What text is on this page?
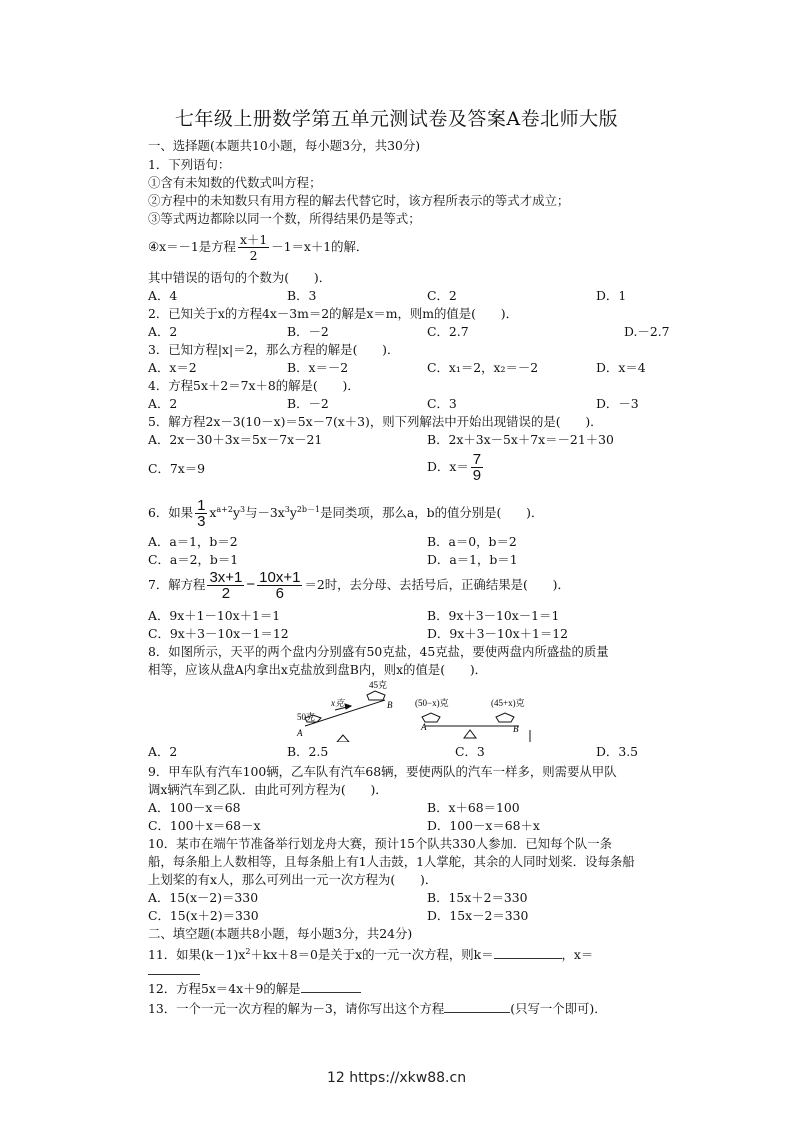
七年级上册数学第五单元测试卷及答案A卷北师大版
一、选择题(本题共10小题，每小题3分，共30分)
1．下列语句：
①含有未知数的代数式叫方程；
②方程中的未知数只有用方程的解去代替它时，该方程所表示的等式才成立；
③等式两边都除以同一个数，所得结果仍是等式；
④x＝－1是方程 $\frac{x+1}{2} -1=x+1$的解．
其中错误的语句的个数为(　　)．
A．4	B．3	C．2	D．1
2．已知关于x的方程4x－3m＝2的解是x＝m，则m的值是(　　)．
A．2	B．－2	C．2.7	D.－2.7
3．已知方程|x|＝2，那么方程的解是(　　)．
A．x＝2	B．x＝－2	C．x₁＝2，x₂＝－2	D．x＝4
4．方程5x＋2＝7x＋8的解是(　　)．
A．2	B．－2	C．3	D．－3
5．解方程2x－3(10－x)＝5x－7(x＋3)，则下列解法中开始出现错误的是(　　)．
A．2x－30＋3x＝5x－7x－21	B．2x＋3x－5x＋7x＝－21＋30
C．7x＝9	D．$x= \frac{7}{9}$
6．如果 $\frac{1}{3} x^{a+2}y^3$与$-3x^3y^{2b-1}$是同类项，那么a，b的值分别是(　　)．
A．a＝1，b＝2	B．a＝0，b＝2
C．a＝2，b＝1	D．a＝1，b＝1
7．解方程 $\frac{3x+1}{2} - \frac{10x+1}{6} =2$时，去分母、去括号后，正确结果是(　　)．
A．9x＋1－10x＋1＝1	B．9x＋3－10x－1＝1
C．9x＋3－10x－1＝12	D．9x＋3－10x＋1＝12
8．如图所示，天平的两个盘内分别盛有50克盐，45克盐，要使两盘内所盛盐的质量
相等，应该从盘A内拿出x克盐放到盘B内，则x的值是(　　)．
50克
A
x克
45克
B	(50−x)克
A
(45+x)克
B
A．2	B．2.5	C．3	D．3.5
9．甲车队有汽车100辆，乙车队有汽车68辆，要使两队的汽车一样多，则需要从甲队
调x辆汽车到乙队．由此可列方程为(　　)．
A．100－x＝68	B．x＋68＝100
C．100＋x＝68－x	D．100－x＝68＋x
10．某市在端午节准备举行划龙舟大赛，预计15个队共330人参加．已知每个队一条
船，每条船上人数相等，且每条船上有1人击鼓，1人掌舵，其余的人同时划桨．设每条船
上划桨的有x人，那么可列出一元一次方程为(　　)．
A．15(x－2)＝330	B．15x＋2＝330
C．15(x＋2)＝330	D．15x－2＝330
二、填空题(本题共8小题，每小题3分，共24分)
11．如果$(k-1)x^2+kx+8=0$是关于x的一元一次方程，则k＝	，x＝
12．方程5x＝4x＋9的解是
13．一个一元一次方程的解为－3，请你写出这个方程	(只写一个即可)．
12 https://xkw88.cn
